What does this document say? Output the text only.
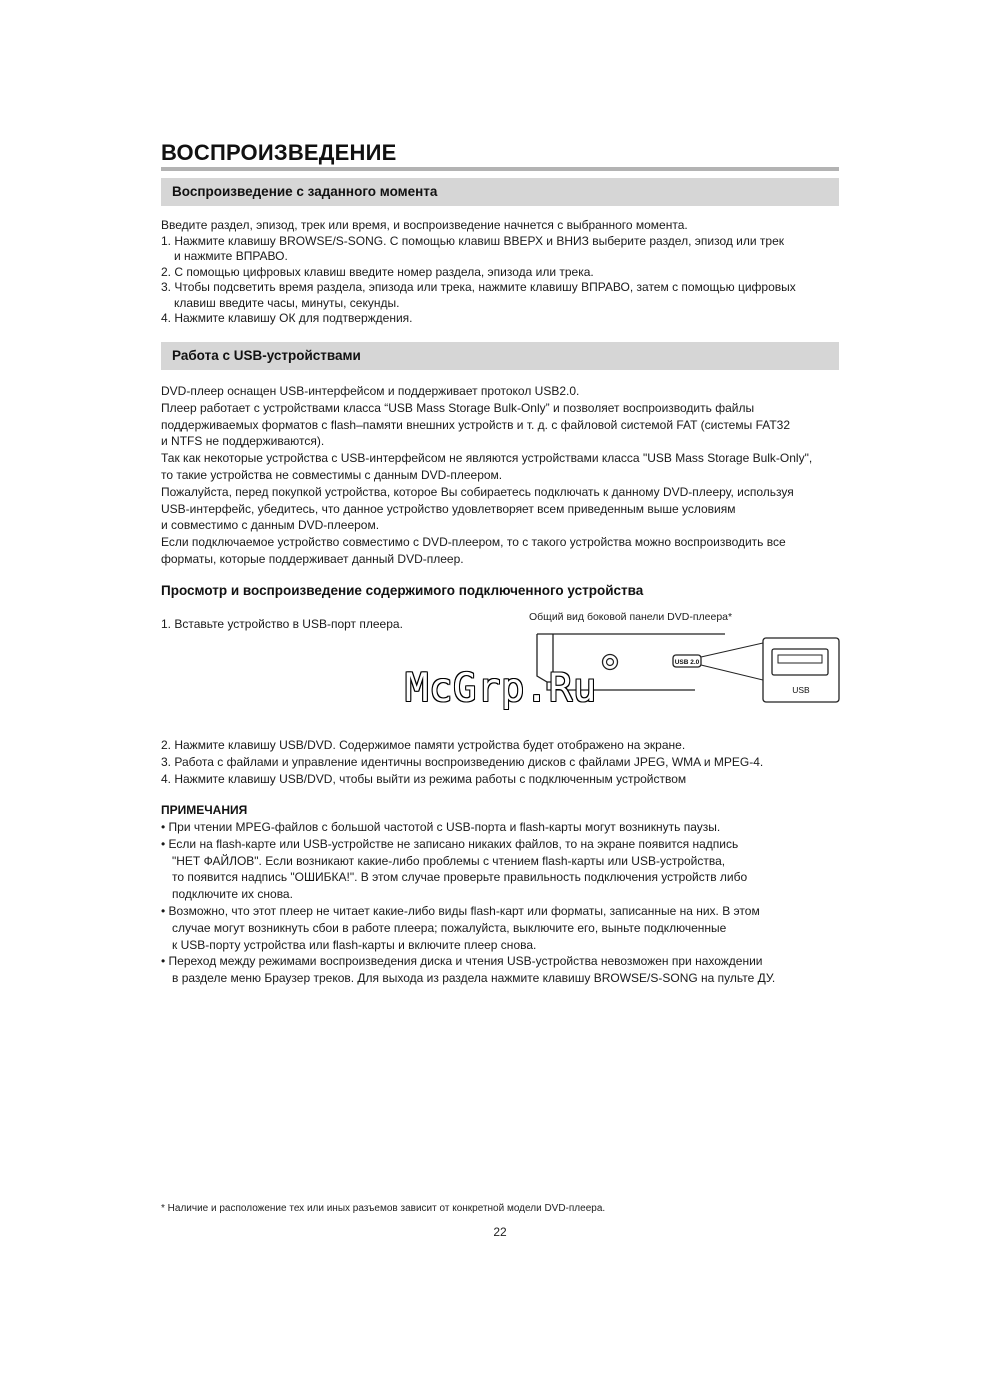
ВОСПРОИЗВЕДЕНИЕ
Воспроизведение с заданного момента
Введите раздел, эпизод, трек или время, и воспроизведение начнется с выбранного момента.
1. Нажмите клавишу BROWSE/S-SONG. С помощью клавиш ВВЕРХ и ВНИЗ выберите раздел, эпизод или трек
и нажмите ВПРАВО.
2. С помощью цифровых клавиш введите номер раздела, эпизода или трека.
3. Чтобы подсветить время раздела, эпизода или трека, нажмите клавишу ВПРАВО, затем с помощью цифровых
клавиш введите часы, минуты, секунды.
4. Нажмите клавишу ОК для подтверждения.
Работа с USB-устройствами
DVD-плеер оснащен USB-интерфейсом и поддерживает протокол USB2.0.
Плеер работает с устройствами класса “USB Mass Storage Bulk-Only” и позволяет воспроизводить файлы
поддерживаемых форматов с flash–памяти внешних устройств и т. д. с файловой системой FAT (системы FAT32
и NTFS не поддерживаются).
Так как некоторые устройства с USB-интерфейсом не являются устройствами класса "USB Mass Storage Bulk-Only",
то такие устройства не совместимы с данным DVD-плеером.
Пожалуйста, перед покупкой устройства, которое Вы собираетесь подключать к данному DVD-плееру, используя
USB-интерфейс, убедитесь, что данное устройство удовлетворяет всем приведенным выше условиям
и совместимо с данным DVD-плеером.
Если подключаемое устройство совместимо с DVD-плеером, то с такого устройства можно воспроизводить все
форматы, которые поддерживает данный DVD-плеер.
Просмотр и воспроизведение содержимого подключенного устройства
1. Вставьте устройство в USB-порт плеера.	Общий вид боковой панели DVD-плеера*
USB 2.0
USB
McGrp.Ru
2. Нажмите клавишу USB/DVD. Содержимое памяти устройства будет отображено на экране.
3. Работа с файлами и управление идентичны воспроизведению дисков с файлами JPEG, WMA и MPEG-4.
4. Нажмите клавишу USB/DVD, чтобы выйти из режима работы с подключенным устройством
ПРИМЕЧАНИЯ
• При чтении MPEG-файлов с большой частотой с USB-порта и flash-карты могут возникнуть паузы.
• Если на flash-карте или USB-устройстве не записано никаких файлов, то на экране появится надпись
"НЕТ ФАЙЛОВ". Если возникают какие-либо проблемы с чтением flash-карты или USB-устройства,
то появится надпись "ОШИБКА!". В этом случае проверьте правильность подключения устройств либо
подключите их снова.
• Возможно, что этот плеер не читает какие-либо виды flash-карт или форматы, записанные на них. В этом
случае могут возникнуть сбои в работе плеера; пожалуйста, выключите его, выньте подключенные
к USB-порту устройства или flash-карты и включите плеер снова.
• Переход между режимами воспроизведения диска и чтения USB-устройства невозможен при нахождении
в разделе меню Браузер треков. Для выхода из раздела нажмите клавишу BROWSE/S-SONG на пульте ДУ.
* Наличие и расположение тех или иных разъемов зависит от конкретной модели DVD-плеера.
22
